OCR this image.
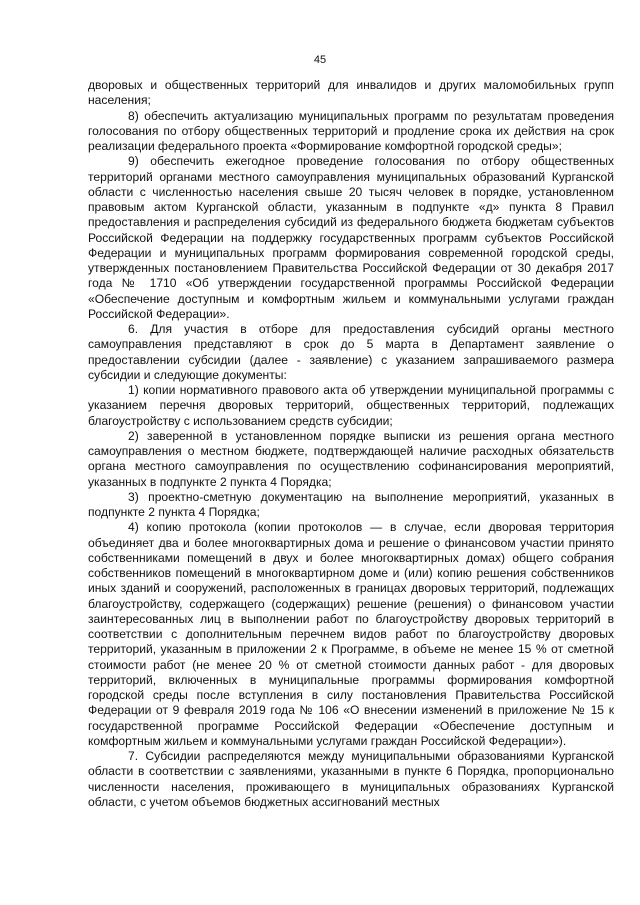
45

дворовых и общественных территорий для инвалидов и других маломобильных групп населения;

8) обеспечить актуализацию муниципальных программ по результатам проведения голосования по отбору общественных территорий и продление срока их действия на срок реализации федерального проекта «Формирование комфортной городской среды»;

9) обеспечить ежегодное проведение голосования по отбору общественных территорий органами местного самоуправления муниципальных образований Курганской области с численностью населения свыше 20 тысяч человек в порядке, установленном правовым актом Курганской области, указанным в подпункте «д» пункта 8 Правил предоставления и распределения субсидий из федерального бюджета бюджетам субъектов Российской Федерации на поддержку государственных программ субъектов Российской Федерации и муниципальных программ формирования современной городской среды, утвержденных постановлением Правительства Российской Федерации от 30 декабря 2017 года № 1710 «Об утверждении государственной программы Российской Федерации «Обеспечение доступным и комфортным жильем и коммунальными услугами граждан Российской Федерации».

6. Для участия в отборе для предоставления субсидий органы местного самоуправления представляют в срок до 5 марта в Департамент заявление о предоставлении субсидии (далее - заявление) с указанием запрашиваемого размера субсидии и следующие документы:

1) копии нормативного правового акта об утверждении муниципальной программы с указанием перечня дворовых территорий, общественных территорий, подлежащих благоустройству с использованием средств субсидии;

2) заверенной в установленном порядке выписки из решения органа местного самоуправления о местном бюджете, подтверждающей наличие расходных обязательств органа местного самоуправления по осуществлению софинансирования мероприятий, указанных в подпункте 2 пункта 4 Порядка;

3) проектно-сметную документацию на выполнение мероприятий, указанных в подпункте 2 пункта 4 Порядка;

4) копию протокола (копии протоколов — в случае, если дворовая территория объединяет два и более многоквартирных дома и решение о финансовом участии принято собственниками помещений в двух и более многоквартирных домах) общего собрания собственников помещений в многоквартирном доме и (или) копию решения собственников иных зданий и сооружений, расположенных в границах дворовых территорий, подлежащих благоустройству, содержащего (содержащих) решение (решения) о финансовом участии заинтересованных лиц в выполнении работ по благоустройству дворовых территорий в соответствии с дополнительным перечнем видов работ по благоустройству дворовых территорий, указанным в приложении 2 к Программе, в объеме не менее 15 % от сметной стоимости работ (не менее 20 % от сметной стоимости данных работ - для дворовых территорий, включенных в муниципальные программы формирования комфортной городской среды после вступления в силу постановления Правительства Российской Федерации от 9 февраля 2019 года № 106 «О внесении изменений в приложение № 15 к государственной программе Российской Федерации «Обеспечение доступным и комфортным жильем и коммунальными услугами граждан Российской Федерации»).

7. Субсидии распределяются между муниципальными образованиями Курганской области в соответствии с заявлениями, указанными в пункте 6 Порядка, пропорционально численности населения, проживающего в муниципальных образованиях Курганской области, с учетом объемов бюджетных ассигнований местных
